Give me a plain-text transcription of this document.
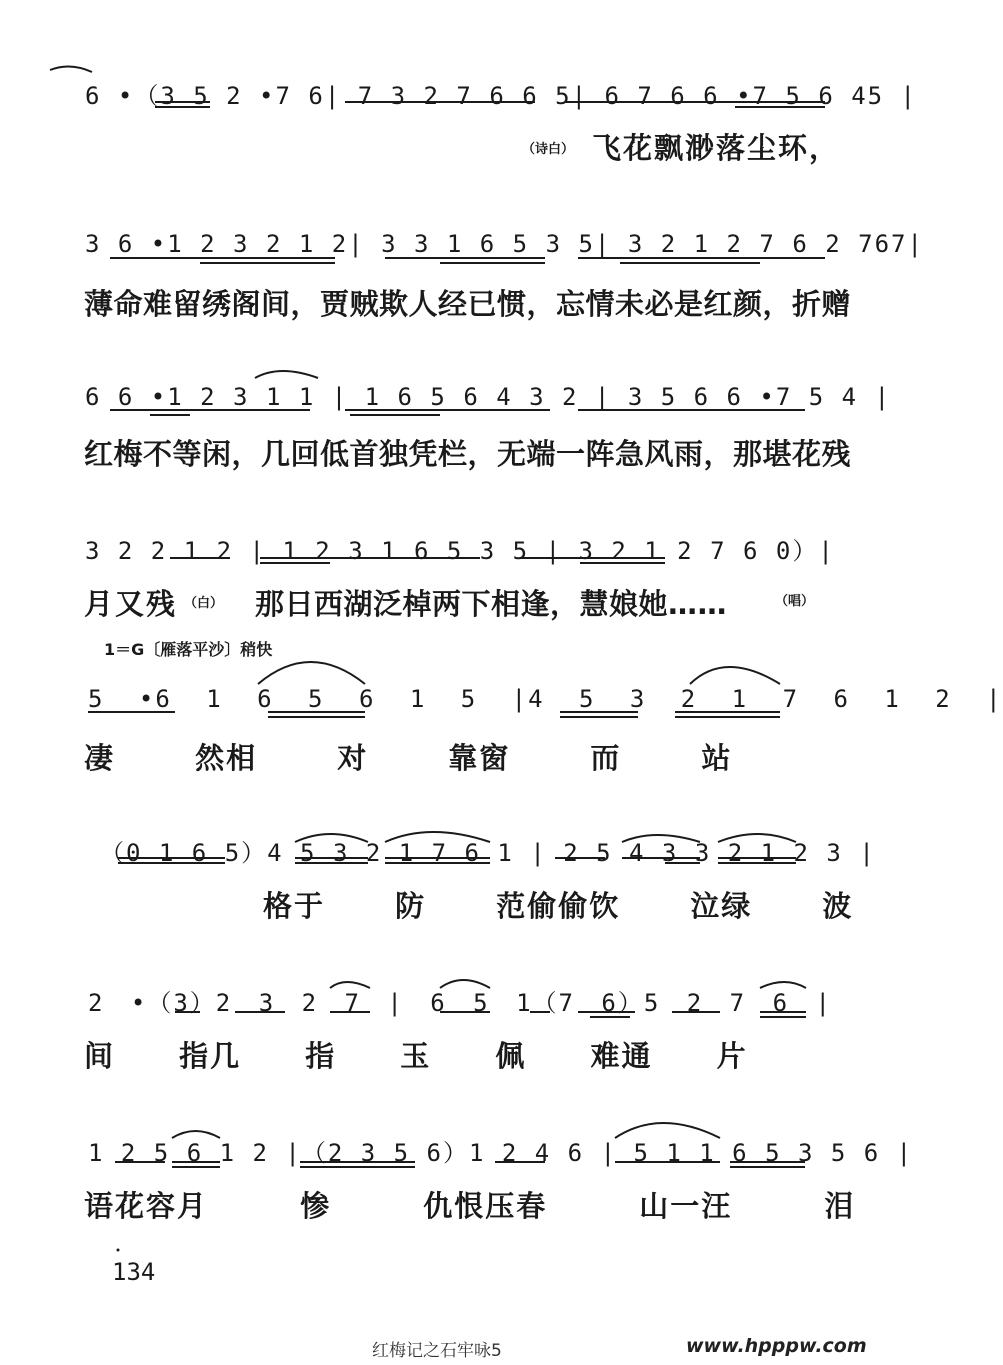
6 •（3 5 2 •7 6| 7 3 2 7 6 6 5| 6 7 6 6 •7 5 6 45 |
（诗白） 飞花飘渺落尘环，
3 6 •1 2 3 2 1 2| 3 3 1 6 5 3 5| 3 2 1 2 7 6 2 767|
薄命难留绣阁间，贾贼欺人经已惯，忘情未必是红颜，折赠
6 6 •1 2 3 1 1 | 1 6 5 6 4 3 2 | 3 5 6 6 •7 5 4 |
红梅不等闲，几回低首独凭栏，无端一阵急风雨，那堪花残
3 2 2 1 2 | 1 2 3 1 6 5 3 5 | 3 2 1 2 7 6 0）|
月又残 （白） 那日西湖泛棹两下相逢，慧娘她……	（唱）
1＝G〔雁落平沙〕稍快
5 •6 1 6 5 6 1 5 |4 5 3 2 1 7 6 1 2 |
凄 然相 对 靠窗 而 站
（0 1 6 5）4 5 3 2 1 7 6 1 | 2 5 4 3 3 2 1 2 3 |
格于 防 范偷偷饮 泣绿 波
2 •（3）2 3 2 7 | 6 5 1（7 6）5 2 7 6 |
间 指几 指 玉 佩 难通 片
1 2 5 6 1 2 |（2 3 5 6）1 2 4 6 | 5 1 1 6 5 3 5 6 |
语花容月 惨 仇恨压春 山一汪 泪
134
红梅记之石牢咏5	www.hpppw.com
